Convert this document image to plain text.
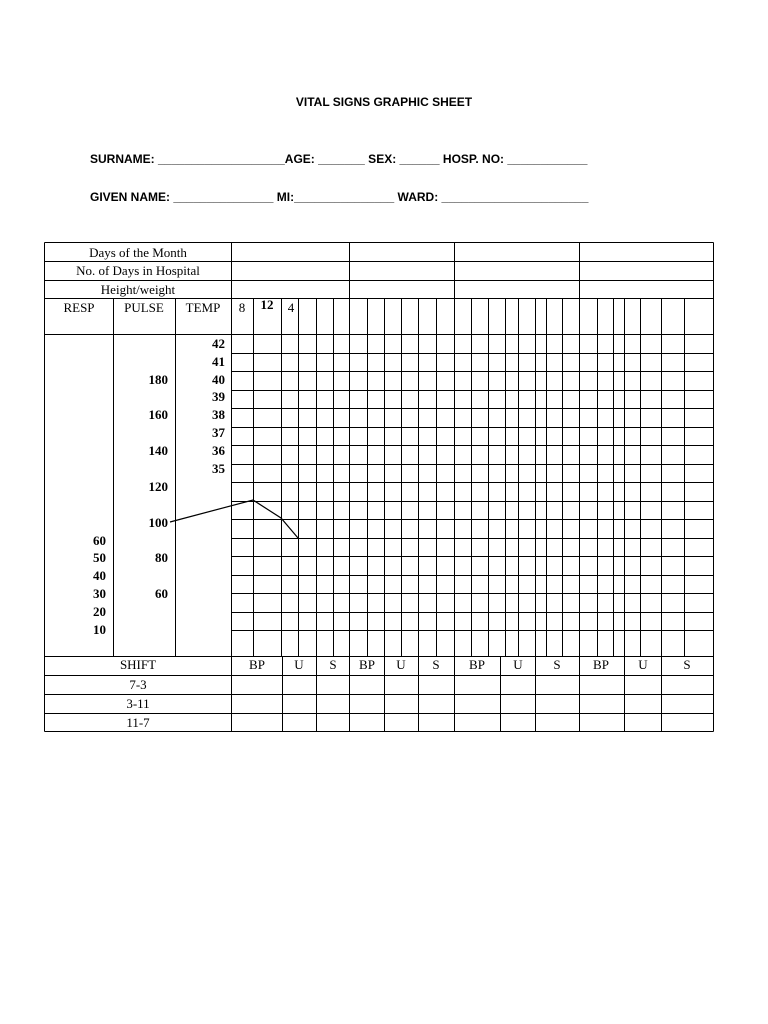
VITAL SIGNS GRAPHIC SHEET
SURNAME: ___________________AGE: _______ SEX: ______ HOSP. NO: ____________
GIVEN NAME: _______________ MI:_______________ WARD: ______________________
Days of the Month
No. of Days in Hospital
Height/weight
RESP PULSE TEMP 8 12 4
42
41
40
39
38
37
36
35
180
160
140
120
100
80
60
60
50
40
30
20
10
SHIFT	BP U S BP U S BP U S BP U	S
7-3
3-11
11-7
